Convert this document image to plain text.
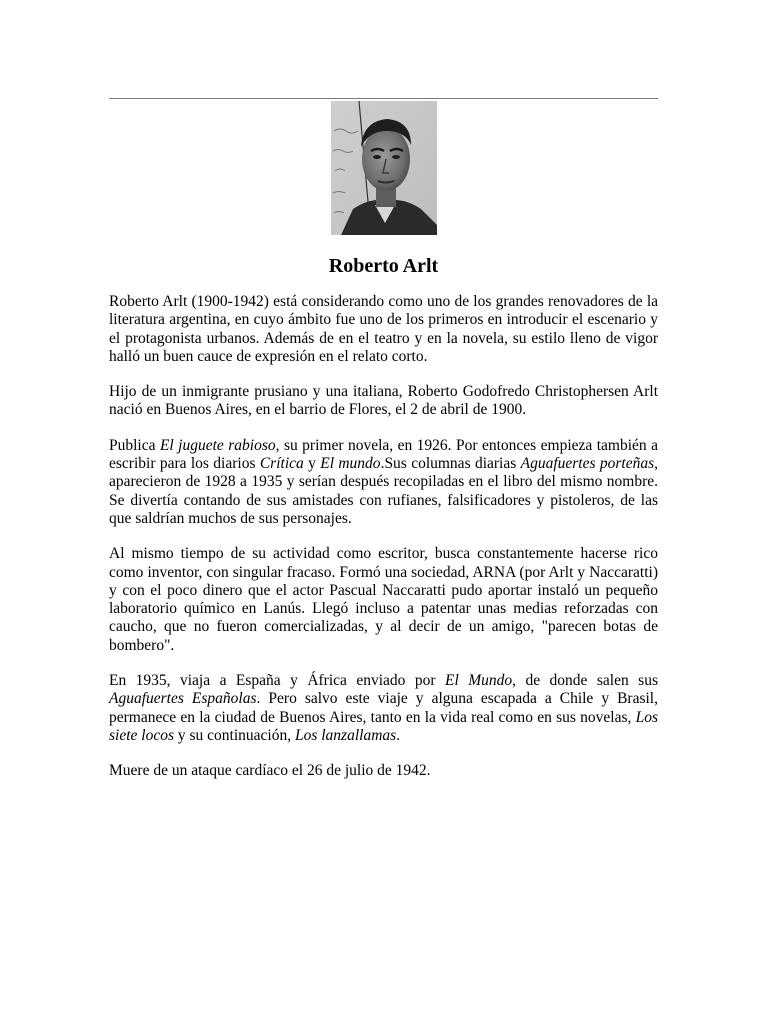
Roberto Arlt

Roberto Arlt (1900-1942) está considerando como uno de los grandes renovadores de la literatura argentina, en cuyo ámbito fue uno de los primeros en introducir el escenario y el protagonista urbanos. Además de en el teatro y en la novela, su estilo lleno de vigor halló un buen cauce de expresión en el relato corto.

Hijo de un inmigrante prusiano y una italiana, Roberto Godofredo Christophersen Arlt nació en Buenos Aires, en el barrio de Flores, el 2 de abril de 1900.

Publica El juguete rabioso, su primer novela, en 1926. Por entonces empieza también a escribir para los diarios Crítica y El mundo.Sus columnas diarias Aguafuertes porteñas, aparecieron de 1928 a 1935 y serían después recopiladas en el libro del mismo nombre. Se divertía contando de sus amistades con rufianes, falsificadores y pistoleros, de las que saldrían muchos de sus personajes.

Al mismo tiempo de su actividad como escritor, busca constantemente hacerse rico como inventor, con singular fracaso. Formó una sociedad, ARNA (por Arlt y Naccaratti) y con el poco dinero que el actor Pascual Naccaratti pudo aportar instaló un pequeño laboratorio químico en Lanús. Llegó incluso a patentar unas medias reforzadas con caucho, que no fueron comercializadas, y al decir de un amigo, "parecen botas de bombero".

En 1935, viaja a España y África enviado por El Mundo, de donde salen sus Aguafuertes Españolas. Pero salvo este viaje y alguna escapada a Chile y Brasil, permanece en la ciudad de Buenos Aires, tanto en la vida real como en sus novelas, Los siete locos y su continuación, Los lanzallamas.

Muere de un ataque cardíaco el 26 de julio de 1942.
